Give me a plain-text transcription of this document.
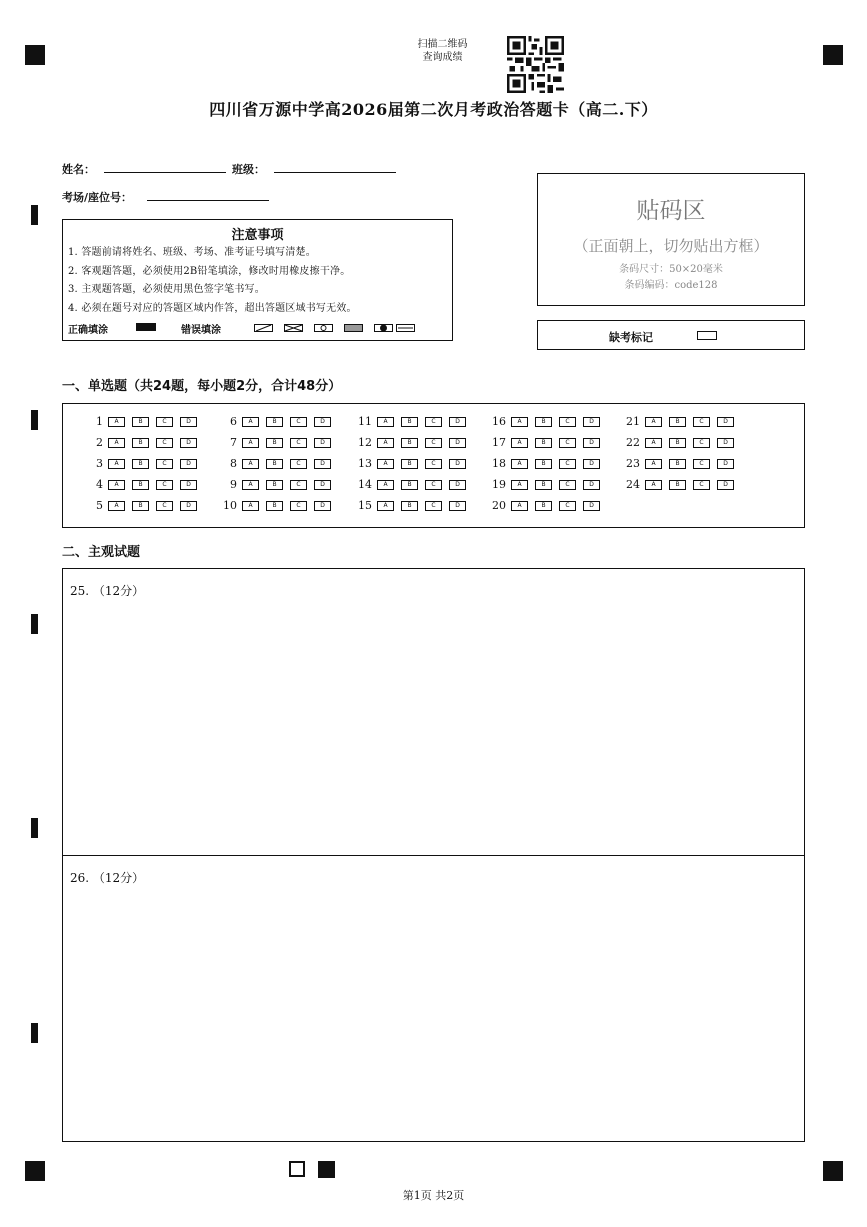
扫描二维码
查询成绩
四川省万源中学高2026届第二次月考政治答题卡（高二.下）
姓名：	班级：
考场/座位号：
注意事项
1. 答题前请将姓名、班级、考场、准考证号填写清楚。
2. 客观题答题，必须使用2B铅笔填涂，修改时用橡皮擦干净。
3. 主观题答题，必须使用黑色签字笔书写。
4. 必须在题号对应的答题区域内作答，超出答题区域书写无效。
正确填涂	错误填涂
贴码区
（正面朝上，切勿贴出方框）
条码尺寸：50×20毫米
条码编码：code128
缺考标记
一、单选题（共24题，每小题2分，合计48分）
1	A	B	C	D
2	A	B	C	D
3	A	B	C	D
4	A	B	C	D
5	A	B	C	D
6	A	B	C	D
7	A	B	C	D
8	A	B	C	D
9	A	B	C	D
10	A	B	C	D
11	A	B	C	D
12	A	B	C	D
13	A	B	C	D
14	A	B	C	D
15	A	B	C	D
16	A	B	C	D
17	A	B	C	D
18	A	B	C	D
19	A	B	C	D
20	A	B	C	D
21	A	B	C	D
22	A	B	C	D
23	A	B	C	D
24	A	B	C	D
二、主观试题
25. （12分）
26. （12分）
第1页 共2页
